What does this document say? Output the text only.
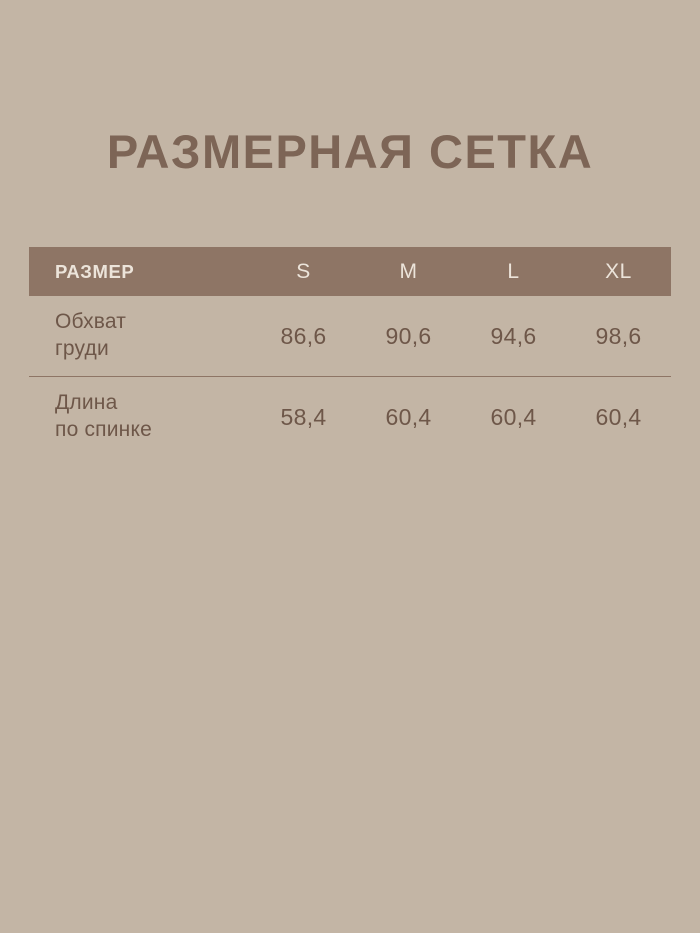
РАЗМЕРНАЯ СЕТКА
РАЗМЕР	S	M	L	XL

Обхват
груди	86,6	90,6	94,6	98,6

Длина
по спинке	58,4	60,4	60,4	60,4
